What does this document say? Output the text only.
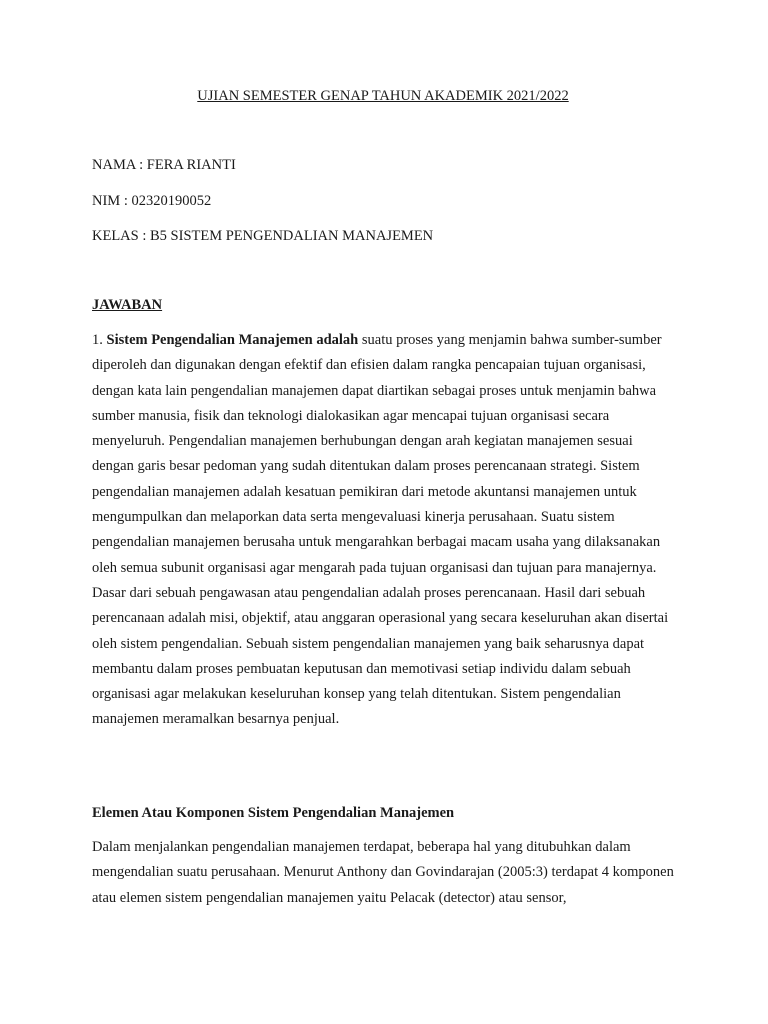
UJIAN SEMESTER GENAP TAHUN AKADEMIK 2021/2022
NAMA : FERA RIANTI
NIM : 02320190052
KELAS : B5 SISTEM PENGENDALIAN MANAJEMEN
JAWABAN

1. Sistem Pengendalian Manajemen adalah suatu proses yang menjamin bahwa sumber-sumber diperoleh dan digunakan dengan efektif dan efisien dalam rangka pencapaian tujuan organisasi, dengan kata lain pengendalian manajemen dapat diartikan sebagai proses untuk menjamin bahwa sumber manusia, fisik dan teknologi dialokasikan agar mencapai tujuan organisasi secara menyeluruh. Pengendalian manajemen berhubungan dengan arah kegiatan manajemen sesuai dengan garis besar pedoman yang sudah ditentukan dalam proses perencanaan strategi. Sistem pengendalian manajemen adalah kesatuan pemikiran dari metode akuntansi manajemen untuk mengumpulkan dan melaporkan data serta mengevaluasi kinerja perusahaan. Suatu sistem pengendalian manajemen berusaha untuk mengarahkan berbagai macam usaha yang dilaksanakan oleh semua subunit organisasi agar mengarah pada tujuan organisasi dan tujuan para manajernya. Dasar dari sebuah pengawasan atau pengendalian adalah proses perencanaan. Hasil dari sebuah perencanaan adalah misi, objektif, atau anggaran operasional yang secara keseluruhan akan disertai oleh sistem pengendalian. Sebuah sistem pengendalian manajemen yang baik seharusnya dapat membantu dalam proses pembuatan keputusan dan memotivasi setiap individu dalam sebuah organisasi agar melakukan keseluruhan konsep yang telah ditentukan. Sistem pengendalian manajemen meramalkan besarnya penjual.

Elemen Atau Komponen Sistem Pengendalian Manajemen

Dalam menjalankan pengendalian manajemen terdapat, beberapa hal yang ditubuhkan dalam mengendalian suatu perusahaan. Menurut Anthony dan Govindarajan (2005:3) terdapat 4 komponen atau elemen sistem pengendalian manajemen yaitu Pelacak (detector) atau sensor,
